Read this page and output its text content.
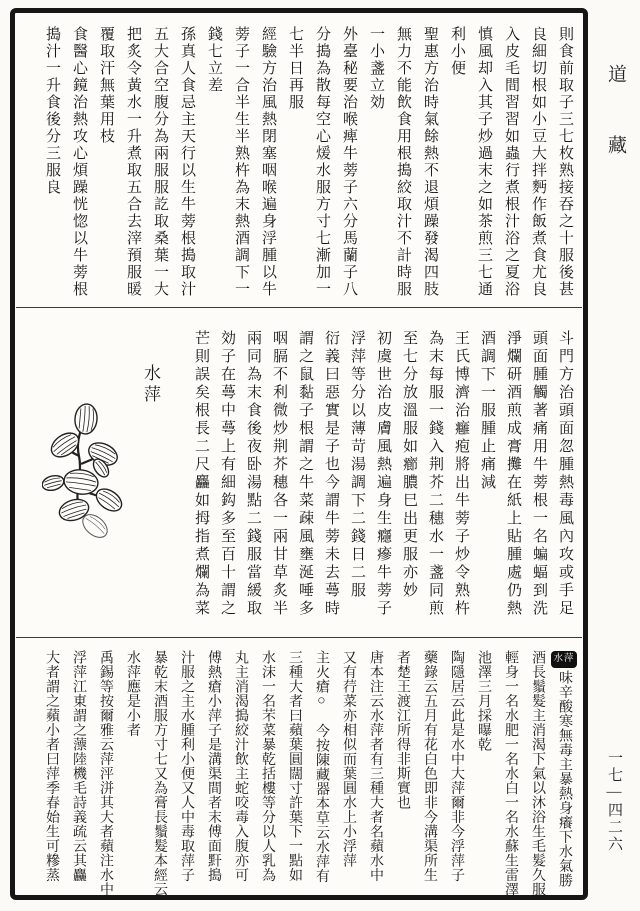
則食前取子三七枚熟接吞之十服後甚
良細切根如小豆大拌麪作飯煮食尤良
入皮毛間習習如蟲行煮根汁浴之夏浴
慎風却入其子炒過末之如茶煎三七通
利小便
聖惠方治時氣餘熱不退煩躁發渴四肢
無力不能飲食用根搗絞取汁不計時服
一小盞立効
外臺秘要治喉痺牛蒡子六分馬蘭子八
分搗為散每空心煖水服方寸七漸加一
七半日再服
經驗方治風熱閉塞咽喉遍身浮腫以牛
蒡子一合半生半熟杵為末熱酒調下一
錢七立差
孫真人食忌主天行以生牛蒡根搗取汁
五大合空腹分為兩服服訖取桑葉一大
把炙令黃水一升煮取五合去滓預服暖
覆取汗無葉用枝
食醫心鏡治熱攻心煩躁恍惚以牛蒡根
搗汁一升食後分三服良
斗門方治頭面忽腫熱毒風內攻或手足
頭面腫觸著痛用牛蒡根一名蝙蝠到洗
淨爛研酒煎成膏攤在紙上貼腫處仍熱
酒調下一服腫止痛減
王氏博濟治癰疱將出牛蒡子炒令熟杵
為末每服一錢入荆芥二穗水一盞同煎
至七分放溫服如癤膿巳出更服亦妙
初虞世治皮膚風熱遍身生癮瘮牛蒡子
浮萍等分以薄苛湯調下二錢日二服
衍義曰惡實是子也今謂牛蒡未去蕚時
謂之鼠黏子根謂之牛菜疎風壅涎唾多
咽膈不利微炒荆芥穗各一兩甘草炙半
兩同為末食後夜卧湯點二錢服當緩取
効子在蕚中蕚上有細鈎多至百十謂之
芒則誤矣根長二尺麤如拇指煮爛為菜
水萍
水萍味辛酸寒無毒主暴熱身癢下水氣勝
酒長鬚髮主消渴下氣以沐浴生毛髮久服
輕身一名水肥一名水白一名水蘇生雷澤
池澤三月採曝乾
陶隱居云此是水中大萍爾非今浮萍子
藥錄云五月有花白色即非今溝渠所生
者楚王渡江所得非斯實也
唐本注云水萍者有三種大者名蘋水中
又有荇菜亦相似而葉圓水上小浮萍
主火瘡○　今按陳藏器本草云水萍有
三種大者曰蘋葉圓闊寸許葉下一點如
水沫一名芣菜暴乾括樓等分以人乳為
丸主消渴搗絞汁飲主蛇咬毒入腹亦可
傅熱瘡小萍子是溝渠間者末傅面䵟搗
汁服之主水腫利小便又人中毒取萍子
暴乾末酒服方寸七又為膏長鬚髮本經云
水萍應是小者
禹錫等按爾雅云萍泙洴其大者蘋注水中
浮萍江東謂之薸陸機毛詩義疏云其麤
大者謂之蘋小者曰萍季春始生可糝蒸
道藏
一七—四二六
